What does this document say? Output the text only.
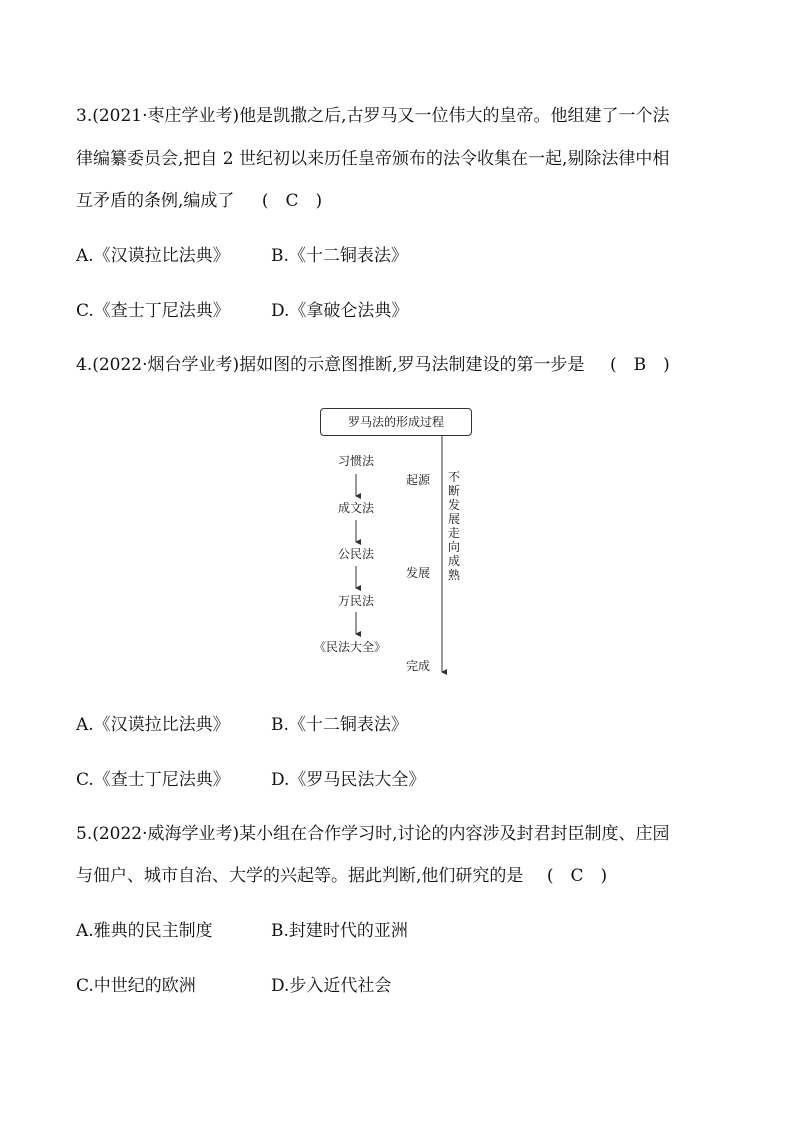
3.(2021·枣庄学业考)他是凯撒之后,古罗马又一位伟大的皇帝。他组建了一个法
律编纂委员会,把自 2 世纪初以来历任皇帝颁布的法令收集在一起,剔除法律中相
互矛盾的条例,编成了 (　C　)
A.《汉谟拉比法典》 B.《十二铜表法》
C.《查士丁尼法典》 D.《拿破仑法典》
4.(2022·烟台学业考)据如图的示意图推断,罗马法制建设的第一步是 (　B　)
罗马法的形成过程
习惯法
成文法
公民法
万民法
《民法大全》
起源
发展
完成
不断发展走向成熟
A.《汉谟拉比法典》 B.《十二铜表法》
C.《查士丁尼法典》 D.《罗马民法大全》
5.(2022·威海学业考)某小组在合作学习时,讨论的内容涉及封君封臣制度、庄园
与佃户、城市自治、大学的兴起等。据此判断,他们研究的是 (　C　)
A.雅典的民主制度	B.封建时代的亚洲
C.中世纪的欧洲	D.步入近代社会
